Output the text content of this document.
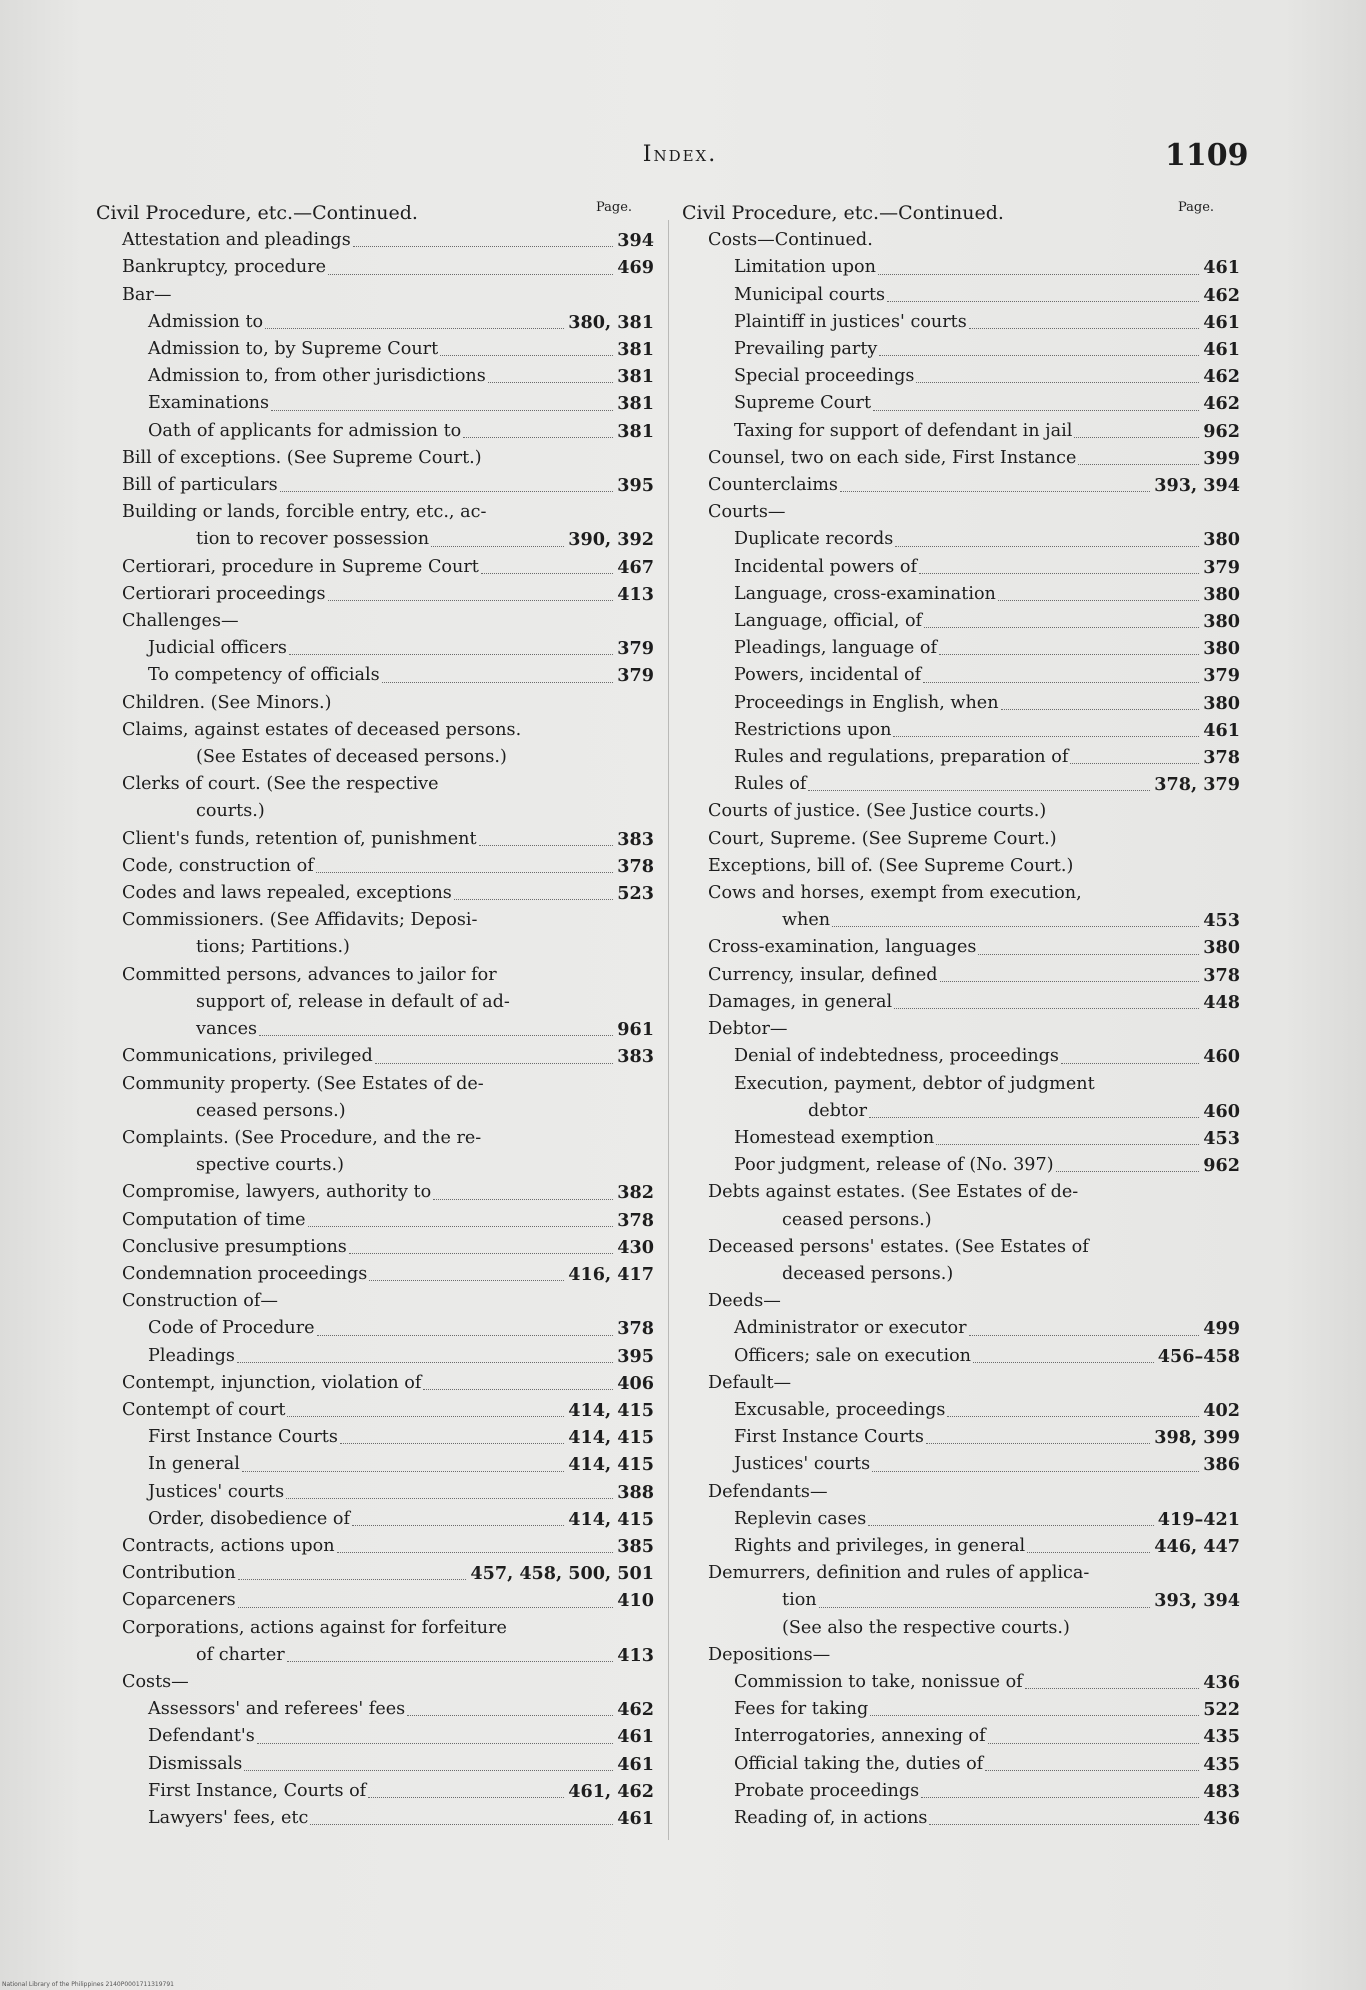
Index.	1109
Page.	Page.
Civil Procedure, etc.—Continued.
Attestation and pleadings	394
Bankruptcy, procedure	469
Bar—
Admission to	380, 381
Admission to, by Supreme Court	381
Admission to, from other jurisdictions	381
Examinations	381
Oath of applicants for admission to	381
Bill of exceptions. (See Supreme Court.)
Bill of particulars	395
Building or lands, forcible entry, etc., ac-
tion to recover possession	390, 392
Certiorari, procedure in Supreme Court	467
Certiorari proceedings	413
Challenges—
Judicial officers	379
To competency of officials	379
Children. (See Minors.)
Claims, against estates of deceased persons.
(See Estates of deceased persons.)
Clerks of court. (See the respective
courts.)
Client's funds, retention of, punishment	383
Code, construction of	378
Codes and laws repealed, exceptions	523
Commissioners. (See Affidavits; Deposi-
tions; Partitions.)
Committed persons, advances to jailor for
support of, release in default of ad-
vances	961
Communications, privileged	383
Community property. (See Estates of de-
ceased persons.)
Complaints. (See Procedure, and the re-
spective courts.)
Compromise, lawyers, authority to	382
Computation of time	378
Conclusive presumptions	430
Condemnation proceedings	416, 417
Construction of—
Code of Procedure	378
Pleadings	395
Contempt, injunction, violation of	406
Contempt of court	414, 415
First Instance Courts	414, 415
In general	414, 415
Justices' courts	388
Order, disobedience of	414, 415
Contracts, actions upon	385
Contribution	457, 458, 500, 501
Coparceners	410
Corporations, actions against for forfeiture
of charter	413
Costs—
Assessors' and referees' fees	462
Defendant's	461
Dismissals	461
First Instance, Courts of	461, 462
Lawyers' fees, etc	461
Civil Procedure, etc.—Continued.
Costs—Continued.
Limitation upon	461
Municipal courts	462
Plaintiff in justices' courts	461
Prevailing party	461
Special proceedings	462
Supreme Court	462
Taxing for support of defendant in jail	962
Counsel, two on each side, First Instance	399
Counterclaims	393, 394
Courts—
Duplicate records	380
Incidental powers of	379
Language, cross-examination	380
Language, official, of	380
Pleadings, language of	380
Powers, incidental of	379
Proceedings in English, when	380
Restrictions upon	461
Rules and regulations, preparation of	378
Rules of	378, 379
Courts of justice. (See Justice courts.)
Court, Supreme. (See Supreme Court.)
Exceptions, bill of. (See Supreme Court.)
Cows and horses, exempt from execution,
when	453
Cross-examination, languages	380
Currency, insular, defined	378
Damages, in general	448
Debtor—
Denial of indebtedness, proceedings	460
Execution, payment, debtor of judgment
debtor	460
Homestead exemption	453
Poor judgment, release of (No. 397)	962
Debts against estates. (See Estates of de-
ceased persons.)
Deceased persons' estates. (See Estates of
deceased persons.)
Deeds—
Administrator or executor	499
Officers; sale on execution	456–458
Default—
Excusable, proceedings	402
First Instance Courts	398, 399
Justices' courts	386
Defendants—
Replevin cases	419–421
Rights and privileges, in general	446, 447
Demurrers, definition and rules of applica-
tion	393, 394
(See also the respective courts.)
Depositions—
Commission to take, nonissue of	436
Fees for taking	522
Interrogatories, annexing of	435
Official taking the, duties of	435
Probate proceedings	483
Reading of, in actions	436
National Library of the Philippines 2140P0001711319791
